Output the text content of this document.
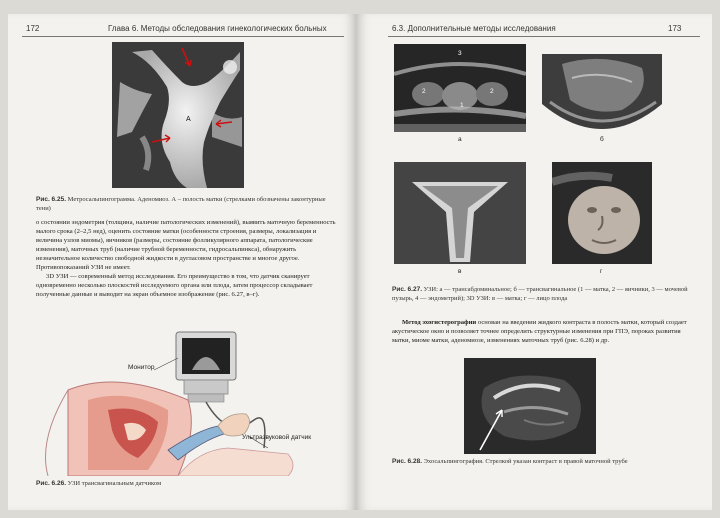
172	Глава 6. Методы обследования гинекологических больных
А
Рис. 6.25. Метросальпингограмма. Аденомиоз. А – полость матки (стрелками обозначены законтурные тени)

о состоянии эндометрия (толщина, наличие патологических изменений), выявить маточную беременность малого срока (2–2,5 нед), оценить состояние матки (особенности строения, размеры, локализация и величина узлов миомы), яичников (размеры, состояние фолликулярного аппарата, патологические изменения), маточных труб (наличие трубной беременности, гидросальпинкса), обнаружить незначительное количество свободной жидкости в дугласовом пространстве и многое другое. Противопоказаний УЗИ не имеет.

3D УЗИ — современный метод исследования. Его преимущество в том, что датчик сканирует одновременно несколько плоскостей исследуемого органа или плода, затем процессор складывает полученные данные и выводит на экран объемное изображение (рис. 6.27, в–г).

Монитор
Ультразвуковой датчик
Рис. 6.26. УЗИ трансвагинальным датчиком
6.3. Дополнительные методы исследования	173
3
2
1
2
а	б
в	г
Рис. 6.27. УЗИ: а — трансабдоминальное; б — трансвагинальное (1 — матка, 2 — яичники, 3 — мочевой пузырь, 4 — эндометрий); 3D УЗИ: в — матка; г — лицо плода

Метод эхогистерографии основан на введении жидкого контраста в полость матки, который создает акустическое окно и позволяет точнее определить структурные изменения при ГПЭ, пороках развития матки, миоме матки, аденомиозе, изменениях маточных труб (рис. 6.28) и др.

Рис. 6.28. Эхосальпингография. Стрелкой указан контраст в правой маточной трубе
